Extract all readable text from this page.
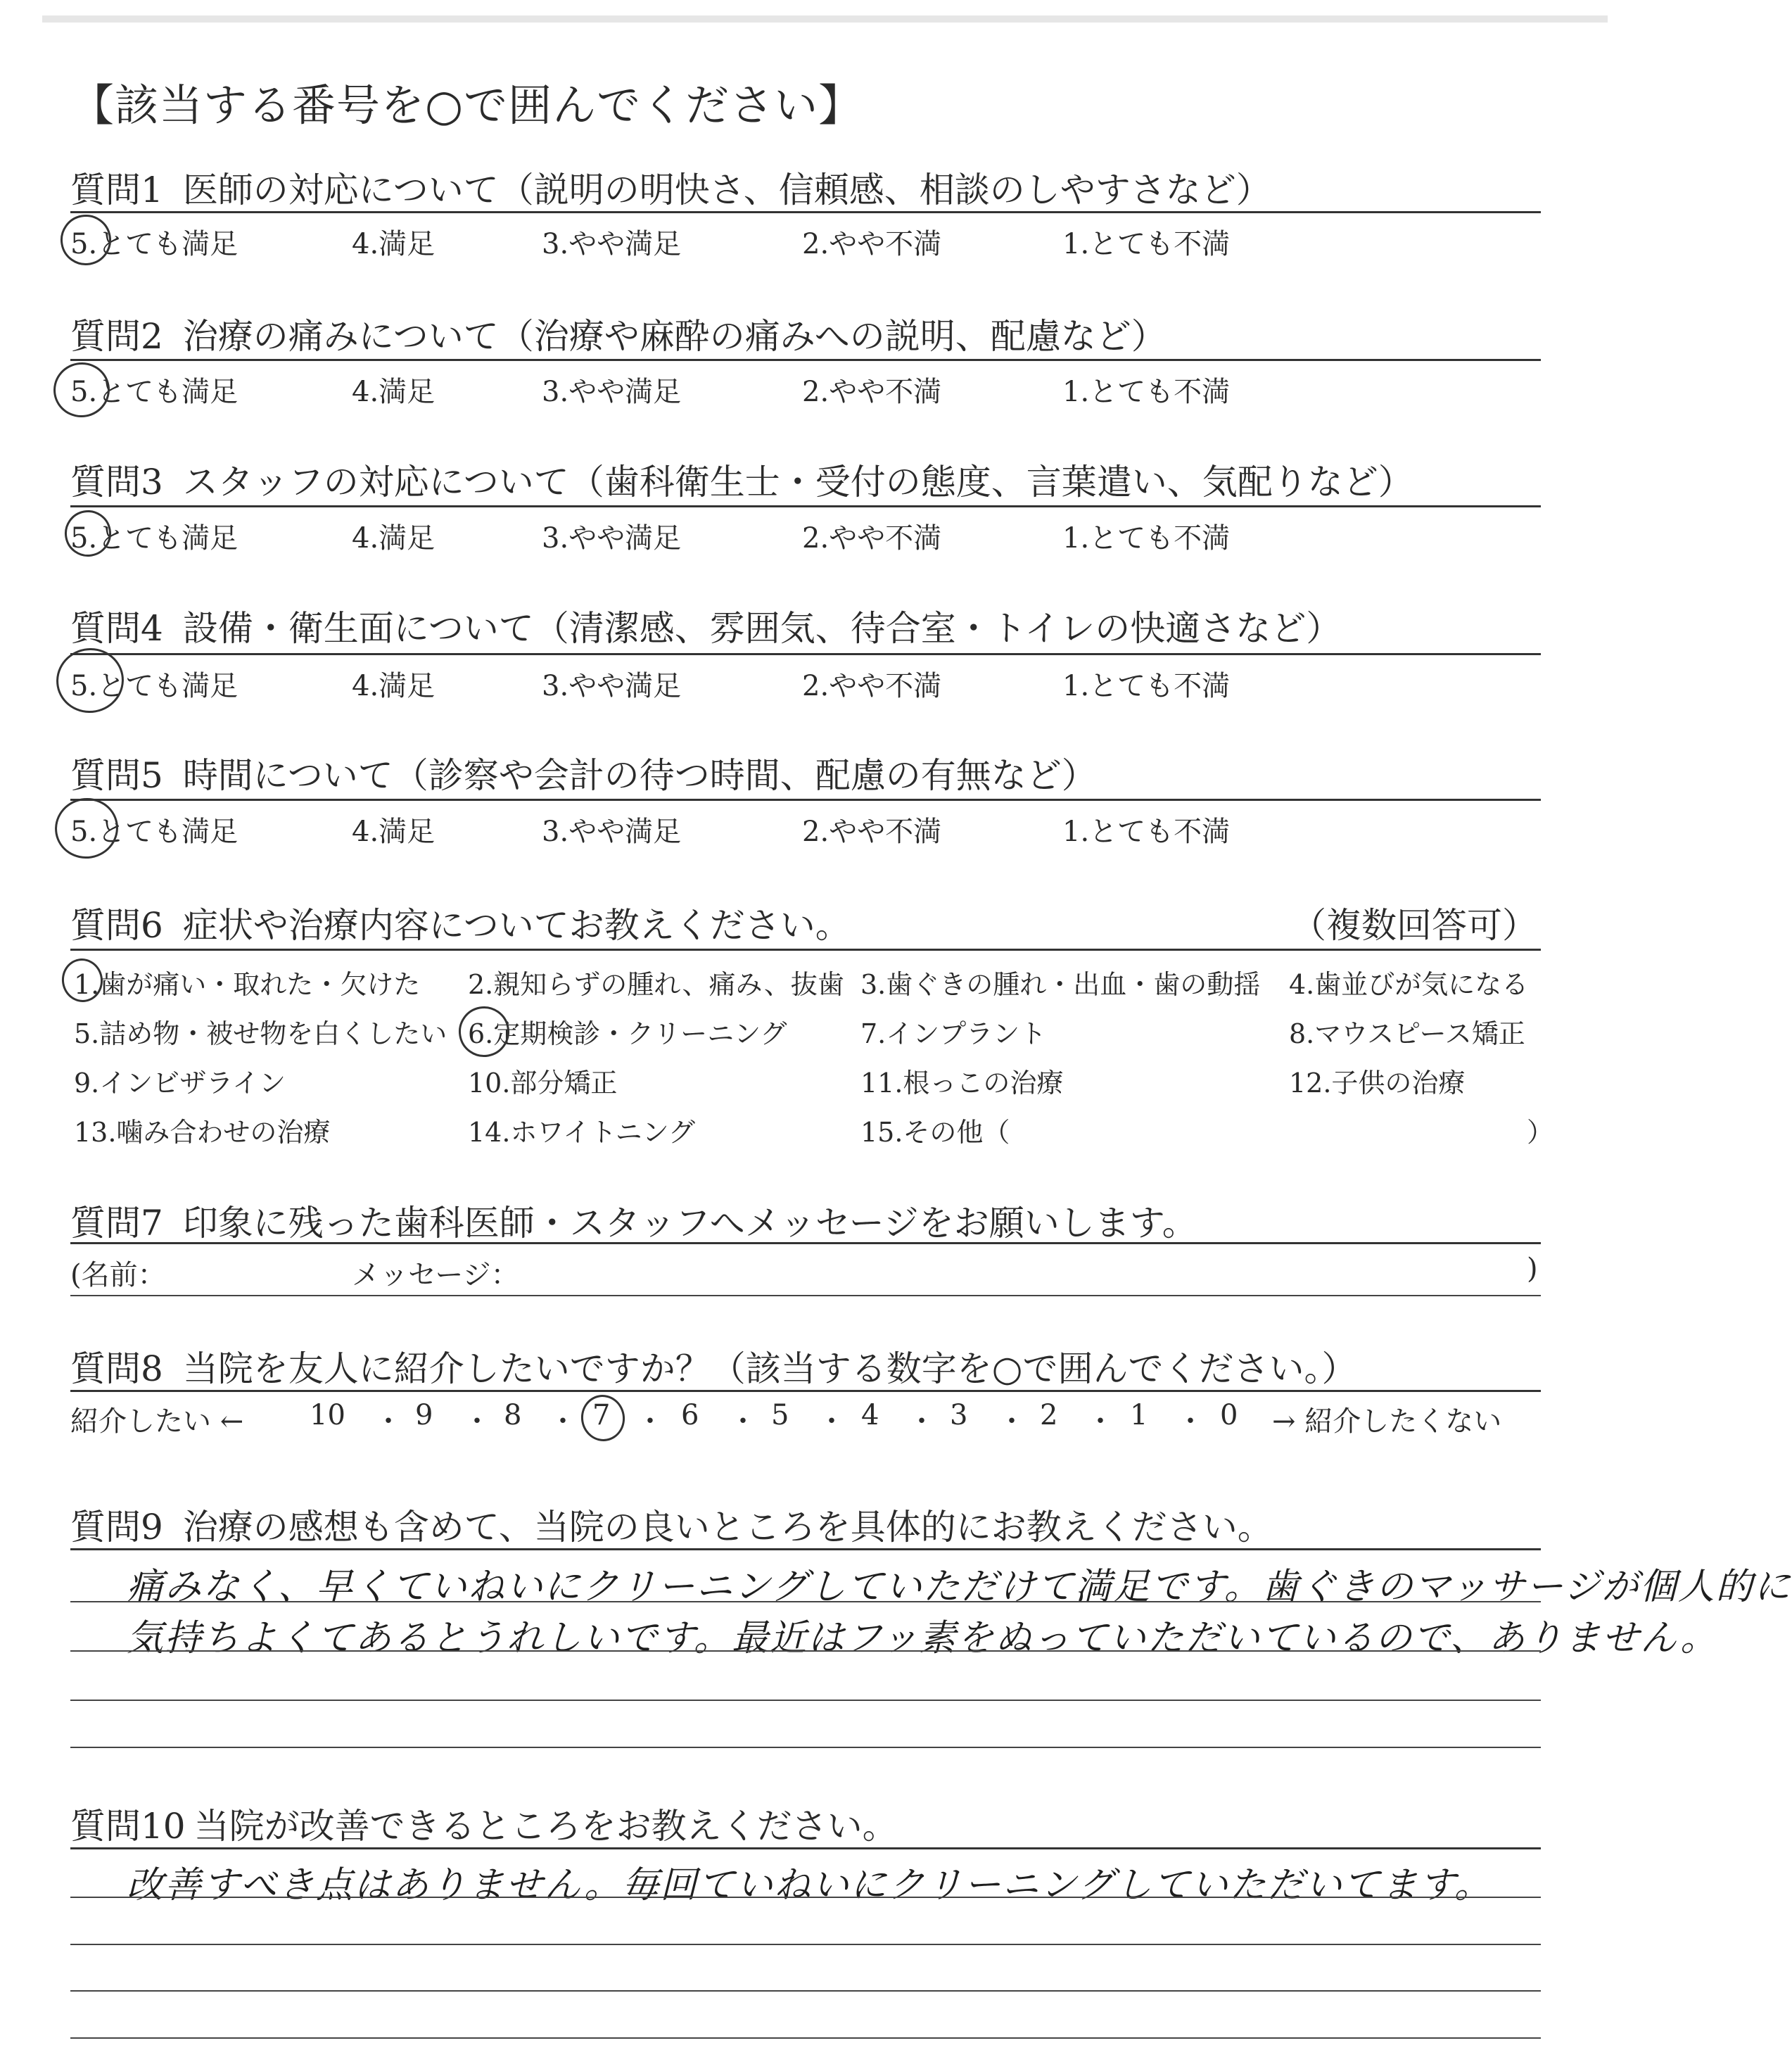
【該当する番号を○で囲んでください】
質問1 医師の対応について（説明の明快さ、信頼感、相談のしやすさなど）
5.とても満足	4.満足	3.やや満足	2.やや不満	1.とても不満
質問2 治療の痛みについて（治療や麻酔の痛みへの説明、配慮など）
5.とても満足	4.満足	3.やや満足	2.やや不満	1.とても不満
質問3 スタッフの対応について（歯科衛生士・受付の態度、言葉遣い、気配りなど）
5.とても満足	4.満足	3.やや満足	2.やや不満	1.とても不満
質問4 設備・衛生面について（清潔感、雰囲気、待合室・トイレの快適さなど）
5.とても満足	4.満足	3.やや満足	2.やや不満	1.とても不満
質問5 時間について（診察や会計の待つ時間、配慮の有無など）
5.とても満足	4.満足	3.やや満足	2.やや不満	1.とても不満
質問6 症状や治療内容についてお教えください。	（複数回答可）
1.歯が痛い・取れた・欠けた 2.親知らずの腫れ、痛み、抜歯 3.歯ぐきの腫れ・出血・歯の動揺 4.歯並びが気になる
5.詰め物・被せ物を白くしたい 6.定期検診・クリーニング	7.インプラント	8.マウスピース矯正
9.インビザライン	10.部分矯正	11.根っこの治療	12.子供の治療
13.噛み合わせの治療	14.ホワイトニング	15.その他（	）
質問7 印象に残った歯科医師・スタッフへメッセージをお願いします。
(名前：	メッセージ：	)
質問8 当院を友人に紹介したいですか？（該当する数字を○で囲んでください。）
紹介したい ← 10 ・ 9 ・ 8 ・ 7 ・ 6 ・ 5 ・ 4 ・ 3 ・ 2 ・ 1 ・ 0 → 紹介したくない
質問9 治療の感想も含めて、当院の良いところを具体的にお教えください。
痛みなく、早くていねいにクリーニングしていただけて満足です。歯ぐきのマッサージが個人的に
気持ちよくてあるとうれしいです。最近はフッ素をぬっていただいているので、ありません。
質問10 当院が改善できるところをお教えください。
改善すべき点はありません。毎回ていねいにクリーニングしていただいてます。
